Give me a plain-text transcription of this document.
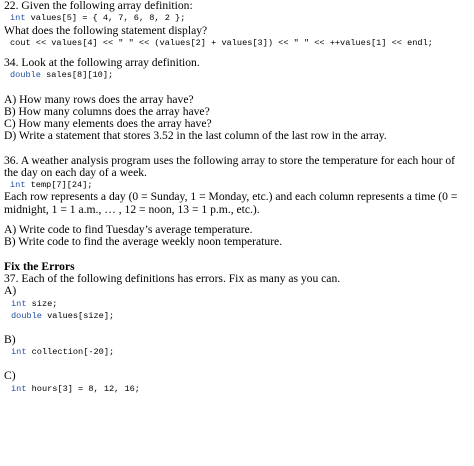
22. Given the following array definition:
int values[5] = { 4, 7, 6, 8, 2 };
What does the following statement display?
cout << values[4] << " " << (values[2] + values[3]) << " " << ++values[1] << endl;
34. Look at the following array definition.
double sales[8][10];
A) How many rows does the array have?
B) How many columns does the array have?
C) How many elements does the array have?
D) Write a statement that stores 3.52 in the last column of the last row in the array.
36. A weather analysis program uses the following array to store the temperature for each hour of the day on each day of a week.
int temp[7][24];
Each row represents a day (0 = Sunday, 1 = Monday, etc.) and each column represents a time (0 = midnight, 1 = 1 a.m., … , 12 = noon, 13 = 1 p.m., etc.).
A) Write code to find Tuesday’s average temperature.
B) Write code to find the average weekly noon temperature.
Fix the Errors
37. Each of the following definitions has errors. Fix as many as you can.
A)
int size;
double values[size];
B)
int collection[-20];
C)
int hours[3] = 8, 12, 16;
